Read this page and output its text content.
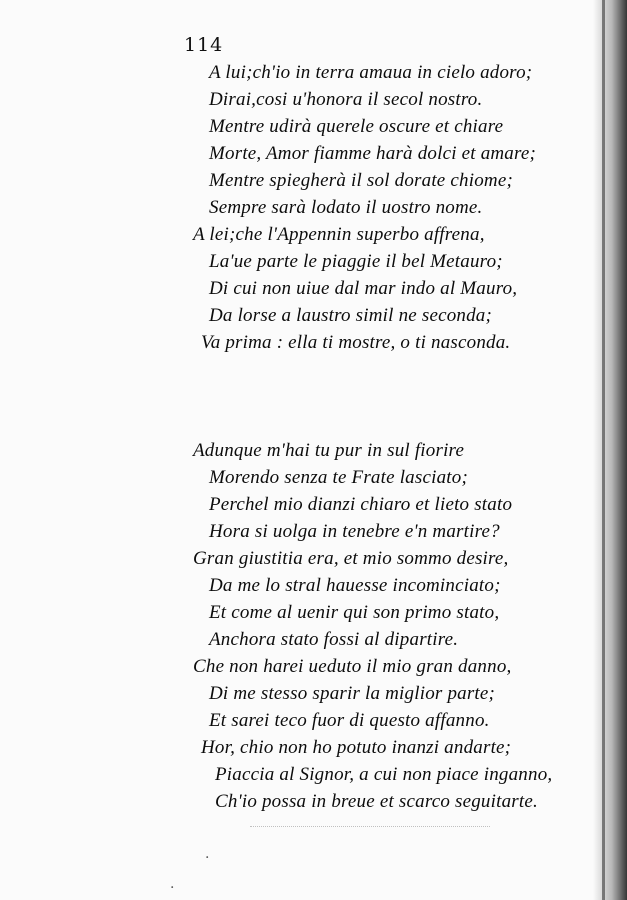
114
A lui;ch'io in terra amaua in cielo adoro;
Dirai,cosi u'honora il secol nostro.
Mentre udirà querele oscure et chiare
Morte, Amor fiamme harà dolci et amare;
Mentre spiegherà il sol dorate chiome;
Sempre sarà lodato il uostro nome.
A lei;che l'Appennin superbo affrena,
La'ue parte le piaggie il bel Metauro;
Di cui non uiue dal mar indo al Mauro,
Da lorse a laustro simil ne seconda;
Va prima : ella ti mostre, o ti nasconda.
Adunque m'hai tu pur in sul fiorire
Morendo senza te Frate lasciato;
Perchel mio dianzi chiaro et lieto stato
Hora si uolga in tenebre e'n martire?
Gran giustitia era, et mio sommo desire,
Da me lo stral hauesse incominciato;
Et come al uenir qui son primo stato,
Anchora stato fossi al dipartire.
Che non harei ueduto il mio gran danno,
Di me stesso sparir la miglior parte;
Et sarei teco fuor di questo affanno.
Hor, chio non ho potuto inanzi andarte;
Piaccia al Signor, a cui non piace inganno,
Ch'io possa in breue et scarco seguitarte.
·
·
